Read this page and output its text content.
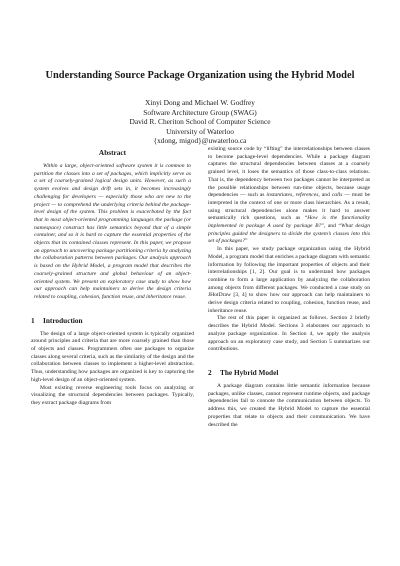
Understanding Source Package Organization using the Hybrid Model
Xinyi Dong and Michael W. Godfrey
Software Architecture Group (SWAG)
David R. Cheriton School of Computer Science
University of Waterloo
{xdong, migod}@uwaterloo.ca
Abstract

Within a large, object-oriented software system it is common to partition the classes into a set of packages, which implicitly serve as a set of coarsely-grained logical design units. However, as such a system evolves and design drift sets in, it becomes increasingly challenging for developers — especially those who are new to the project — to comprehend the underlying criteria behind the package-level design of the system. This problem is exacerbated by the fact that in most object-oriented programming languages the package (or namespace) construct has little semantics beyond that of a simple container, and so it is hard to capture the essential properties of the objects that its contained classes represent. In this paper, we propose an approach to uncovering package partitioning criteria by analyzing the collaboration patterns between packages. Our analysis approach is based on the Hybrid Model, a program model that describes the coarsely-grained structure and global behaviour of an object-oriented system. We present an exploratory case study to show how our approach can help maintainers to derive the design criteria related to coupling, cohesion, function reuse, and inheritance reuse.

1 Introduction

The design of a large object-oriented system is typically organized around principles and criteria that are more coarsely grained than those of objects and classes. Programmers often use packages to organize classes along several criteria, such as the similarity of the design and the collaboration between classes to implement a higher-level abstraction. Thus, understanding how packages are organized is key to capturing the high-level design of an object-oriented system.

Most existing reverse engineering tools focus on analyzing or visualizing the structural dependencies between packages. Typically, they extract package diagrams from

existing source code by “lifting” the interrelationships between classes to become package-level dependencies. While a package diagram captures the structural dependencies between classes at a coarsely grained level, it loses the semantics of those class-to-class relations. That is, the dependency between two packages cannot be interpreted as the possible relationships between run-time objects, because usage dependencies — such as instantiates, references, and calls — must be interpreted in the context of one or more class hierarchies. As a result, using structural dependencies alone makes it hard to answer semantically rich questions, such as “How is the functionality implemented in package A used by package B?”, and “What design principles guided the designers to divide the system’s classes into this set of packages?”

In this paper, we study package organization using the Hybrid Model, a program model that enriches a package diagram with semantic information by following the important properties of objects and their interrelationships [1, 2]. Our goal is to understand how packages combine to form a large application by analyzing the collaboration among objects from different packages. We conducted a case study on JHotDraw [3, 4] to show how our approach can help maintainers to derive design criteria related to coupling, cohesion, function reuse, and inheritance reuse.

The rest of this paper is organized as follows. Section 2 briefly describes the Hybrid Model. Sections 3 elaborates our approach to analyze package organization. In Section 4, we apply the analysis approach on an exploratory case study, and Section 5 summarizes our contributions.

2 The Hybrid Model

A package diagram contains little semantic information because packages, unlike classes, cannot represent runtime objects, and package dependencies fail to connote the communication between objects. To address this, we created the Hybrid Model to capture the essential properties that relate to objects and their communication. We have described the
